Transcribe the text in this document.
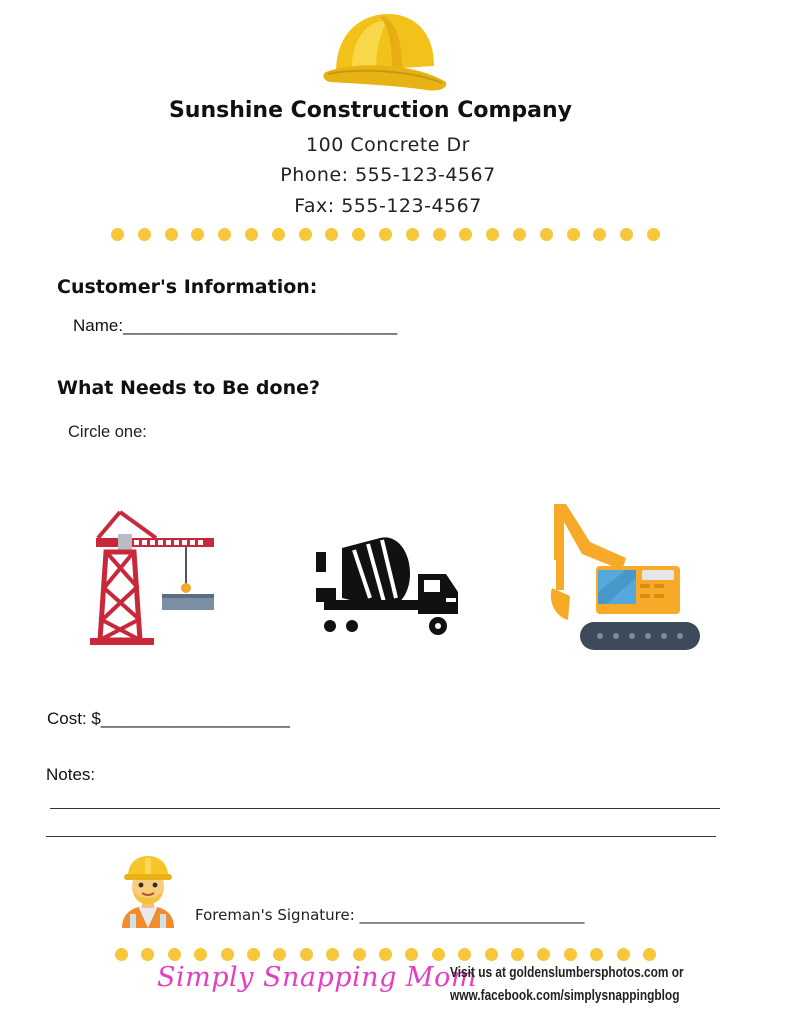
Sunshine Construction Company
100 Concrete Dr
Phone: 555-123-4567
Fax: 555-123-4567
Customer's Information:
Name:_____________________________
What Needs to Be done?
Circle one:
Cost: $____________________
Notes:
Foreman's Signature: ______________________________
Simply Snapping Mom
Visit us at goldenslumbersphotos.com or
www.facebook.com/simplysnappingblog
